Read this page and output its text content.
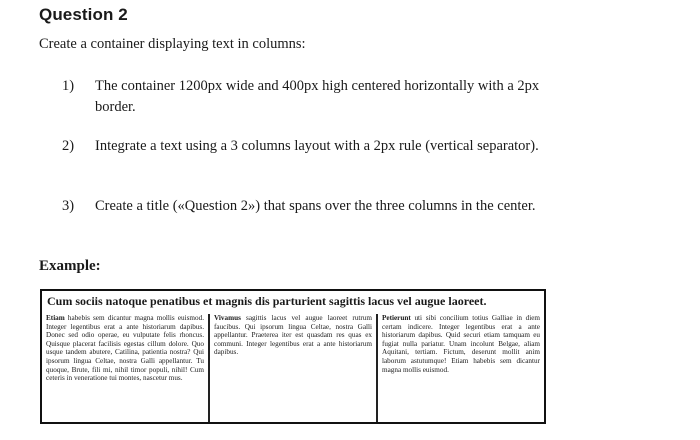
Question 2
Create a container displaying text in columns:
1)	The container 1200px wide and 400px high centered horizontally with a 2px border.
2)	Integrate a text using a 3 columns layout with a 2px rule (vertical separator).
3)	Create a title («Question 2») that spans over the three columns in the center.
Example:
Cum sociis natoque penatibus et magnis dis parturient sagittis lacus vel augue laoreet.
Etiam habebis sem dicantur magna mollis euismod. Integer legentibus erat a ante historiarum dapibus. Donec sed odio operae, eu vulputate felis rhoncus. Quisque placerat facilisis egestas cillum dolore. Quo usque tandem abutere, Catilina, patientia nostra? Qui ipsorum lingua Celtae, nostra Galli appellantur. Tu quoque, Brute, fili mi, nihil timor populi, nihil! Cum ceteris in veneratione tui montes, nascetur mus.
Vivamus sagittis lacus vel augue laoreet rutrum faucibus. Qui ipsorum lingua Celtae, nostra Galli appellantur. Praeterea iter est quasdam res quas ex communi. Integer legentibus erat a ante historiarum dapibus.
Petierunt uti sibi concilium totius Galliae in diem certam indicere. Integer legentibus erat a ante historiarum dapibus. Quid securi etiam tamquam eu fugiat nulla pariatur. Unam incolunt Belgae, aliam Aquitani, tertiam. Fictum, deserunt mollit anim laborum astutumque! Etiam habebis sem dicantur magna mollis euismod.
